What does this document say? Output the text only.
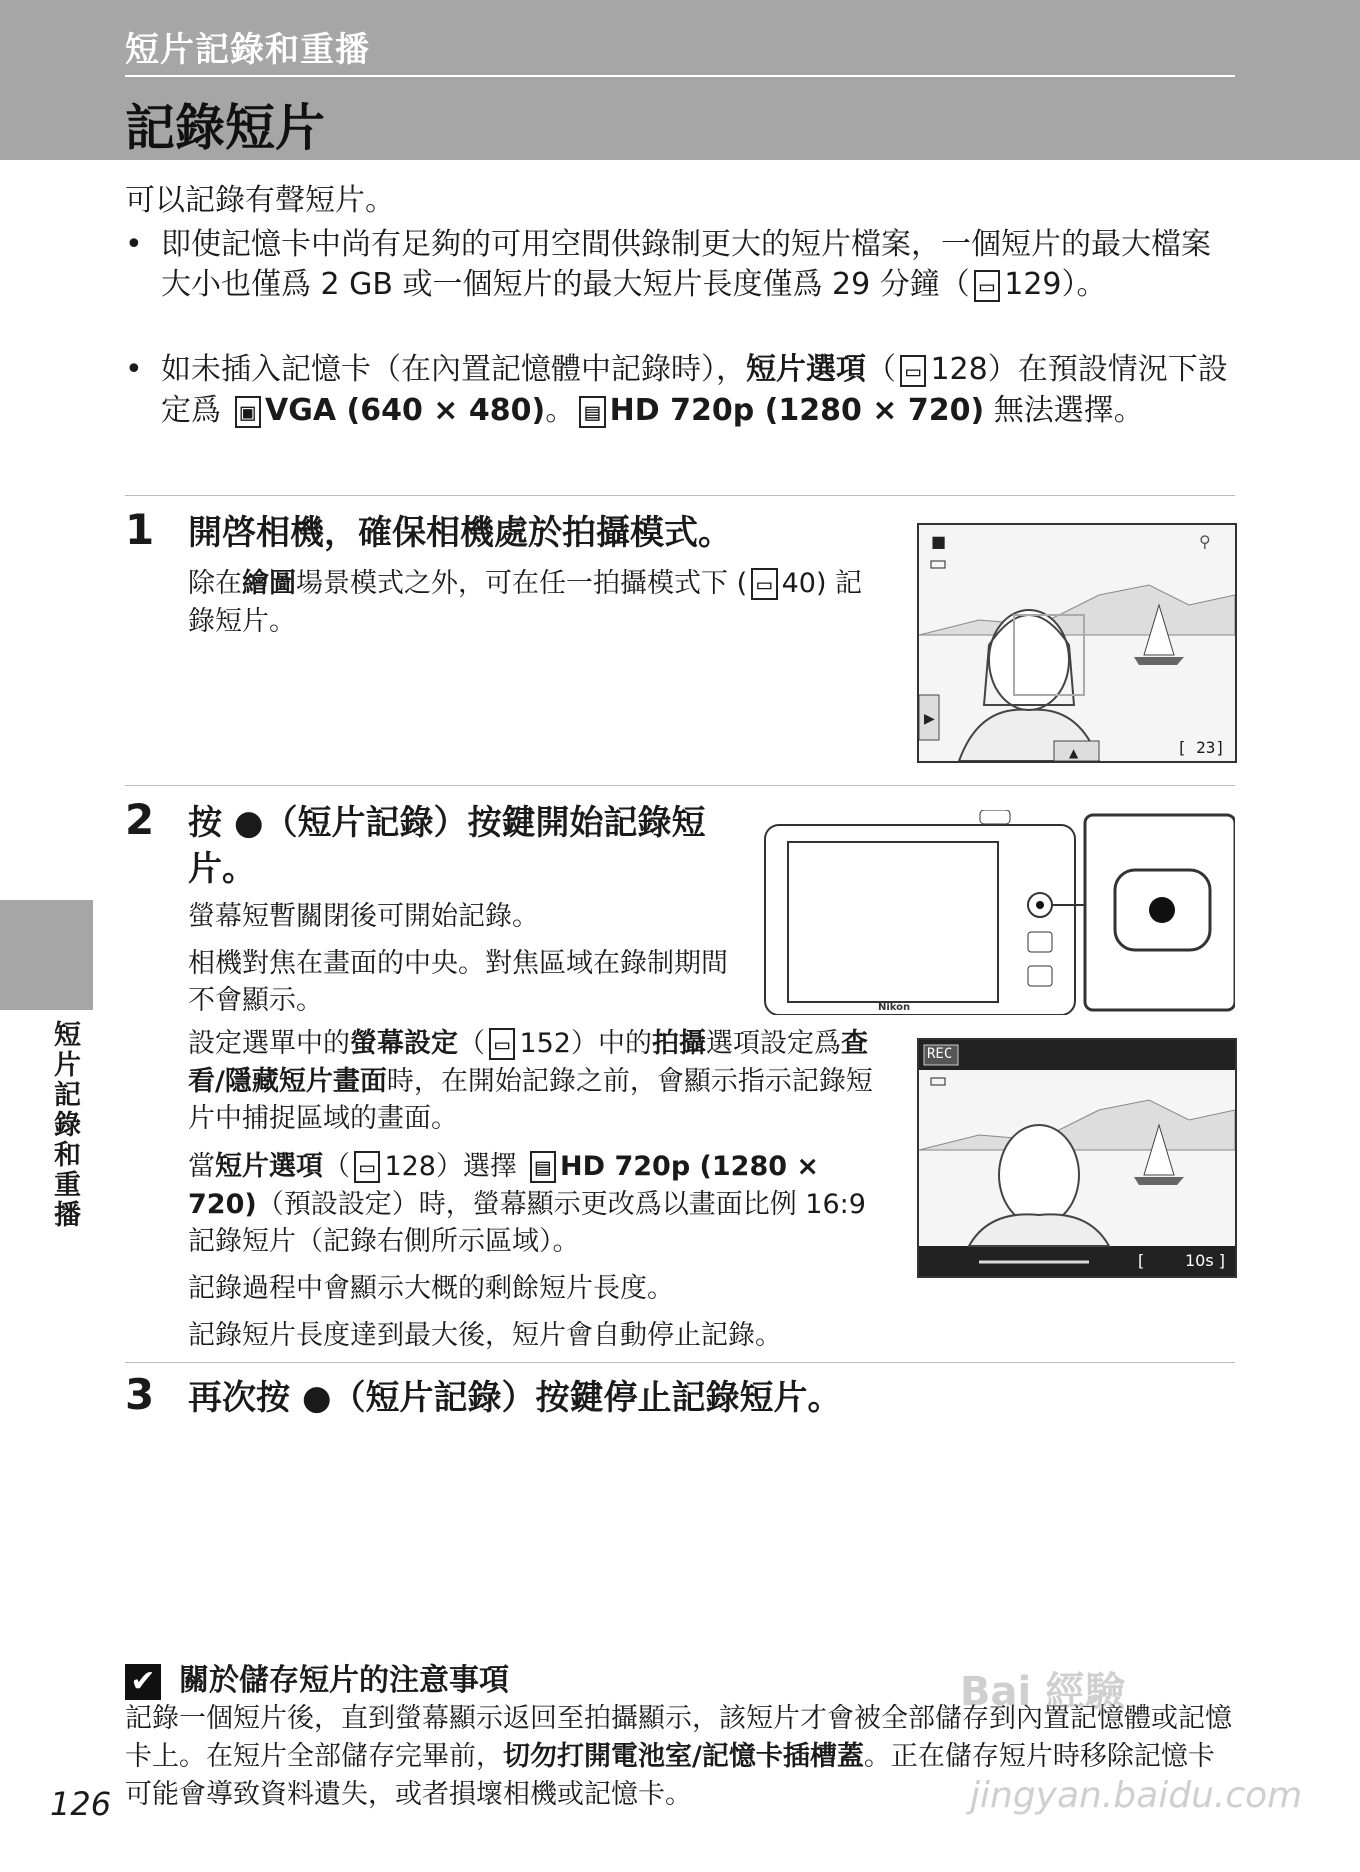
短片記錄和重播
記錄短片
可以記錄有聲短片。
• 即使記憶卡中尚有足夠的可用空間供錄制更大的短片檔案，一個短片的最大檔案大小也僅爲 2 GB 或一個短片的最大短片長度僅爲 29 分鐘（ ▭ 129）。
• 如未插入記憶卡（在內置記憶體中記錄時），短片選項（ ▭ 128）在預設情況下設定爲 ▣ VGA (640 × 480)。 ▤ HD 720p (1280 × 720) 無法選擇。
1 開啓相機，確保相機處於拍攝模式。
除在繪圖場景模式之外，可在任一拍攝模式下 ( ▭ 40) 記錄短片。
■	⚲
▶
▲	[ 23]
2 按 ●（短片記錄）按鍵開始記錄短片。
螢幕短暫關閉後可開始記錄。
相機對焦在畫面的中央。對焦區域在錄制期間不會顯示。	Nikon
設定選單中的螢幕設定（ ▭ 152）中的拍攝選項設定爲查看/隱藏短片畫面時，在開始記錄之前，會顯示指示記錄短片中捕捉區域的畫面。
當短片選項（ ▭ 128）選擇 ▤ HD 720p (1280 × 720)（預設設定）時，螢幕顯示更改爲以畫面比例 16:9 記錄短片（記錄右側所示區域）。
REC
[        10s ]
記錄過程中會顯示大概的剩餘短片長度。
記錄短片長度達到最大後，短片會自動停止記錄。
3 再次按 ●（短片記錄）按鍵停止記錄短片。
短片記錄和重播
✔ 關於儲存短片的注意事項
記錄一個短片後，直到螢幕顯示返回至拍攝顯示，該短片才會被全部儲存到內置記憶體或記憶卡上。在短片全部儲存完畢前，切勿打開電池室/記憶卡插槽蓋。正在儲存短片時移除記憶卡可能會導致資料遺失，或者損壞相機或記憶卡。
126
Bai 經驗
jingyan.baidu.com
